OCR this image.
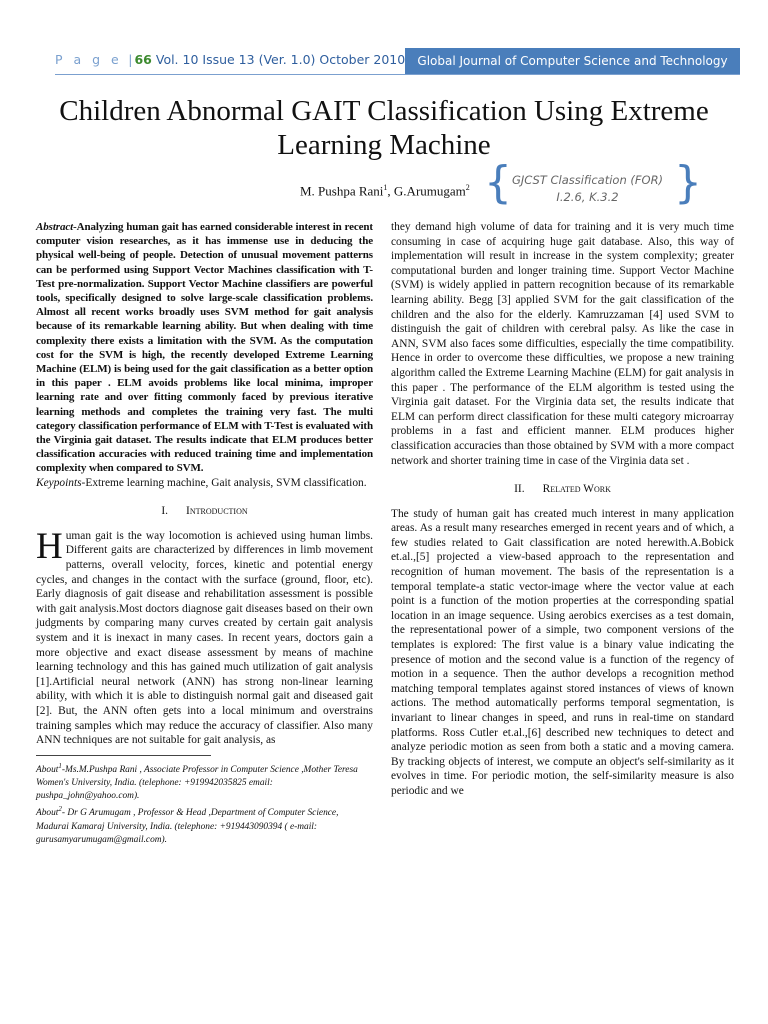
P a g e | 66 Vol. 10 Issue 13 (Ver. 1.0) October 2010	Global Journal of Computer Science and Technology
Children Abnormal GAIT Classification Using Extreme Learning Machine
M. Pushpa Rani$^1$, G.Arumugam$^2$ { GJCST Classification (FOR)
I.2.6, K.3.2	}

Abstract-Analyzing human gait has earned considerable interest in recent computer vision researches, as it has immense use in deducing the physical well-being of people. Detection of unusual movement patterns can be performed using Support Vector Machines classification with T-Test pre-normalization. Support Vector Machine classifiers are powerful tools, specifically designed to solve large-scale classification problems. Almost all recent works broadly uses SVM method for gait analysis because of its remarkable learning ability. But when dealing with time complexity there exists a limitation with the SVM. As the computation cost for the SVM is high, the recently developed Extreme Learning Machine (ELM) is being used for the gait classification as a better option in this paper . ELM avoids problems like local minima, improper learning rate and over fitting commonly faced by previous iterative learning methods and completes the training very fast. The multi category classification performance of ELM with T-Test is evaluated with the Virginia gait dataset. The results indicate that ELM produces better classification accuracies with reduced training time and implementation complexity when compared to SVM.

Keypoints-Extreme learning machine, Gait analysis, SVM classification.

I. Introduction

Human gait is the way locomotion is achieved using human limbs. Different gaits are characterized by differences in limb movement patterns, overall velocity, forces, kinetic and potential energy cycles, and changes in the contact with the surface (ground, floor, etc). Early diagnosis of gait disease and rehabilitation assessment is possible with gait analysis.Most doctors diagnose gait diseases based on their own judgments by comparing many curves created by certain gait analysis system and it is inexact in many cases. In recent years, doctors gain a more objective and exact disease assessment by means of machine learning technology and this has gained much utilization of gait analysis [1].Artificial neural network (ANN) has strong non-linear learning ability, with which it is able to distinguish normal gait and diseased gait [2]. But, the ANN often gets into a local minimum and overstrains training samples which may reduce the accuracy of classifier. Also many ANN techniques are not suitable for gait analysis, as

About$^1$-Ms.M.Pushpa Rani , Associate Professor in Computer Science ,Mother Teresa Women's University, India. (telephone: +919942035825 email: pushpa_john@yahoo.com).
About$^2$- Dr G Arumugam , Professor & Head ,Department of Computer Science, Madurai Kamaraj University, India. (telephone: +919443090394 ( e-mail: gurusamyarumugam@gmail.com).

they demand high volume of data for training and it is very much time consuming in case of acquiring huge gait database. Also, this way of implementation will result in increase in the system complexity; greater computational burden and longer training time. Support Vector Machine (SVM) is widely applied in pattern recognition because of its remarkable learning ability. Begg [3] applied SVM for the gait classification of the children and the also for the elderly. Kamruzzaman [4] used SVM to distinguish the gait of children with cerebral palsy. As like the case in ANN, SVM also faces some difficulties, especially the time compatibility. Hence in order to overcome these difficulties, we propose a new training algorithm called the Extreme Learning Machine (ELM) for gait analysis in this paper . The performance of the ELM algorithm is tested using the Virginia gait dataset. For the Virginia data set, the results indicate that ELM can perform direct classification for these multi category microarray problems in a fast and efficient manner. ELM produces higher classification accuracies than those obtained by SVM with a more compact network and shorter training time in case of the Virginia data set .

II. Related Work

The study of human gait has created much interest in many application areas. As a result many researches emerged in recent years and of which, a few studies related to Gait classification are noted herewith.A.Bobick et.al.,[5] projected a view-based approach to the representation and recognition of human movement. The basis of the representation is a temporal template-a static vector-image where the vector value at each point is a function of the motion properties at the corresponding spatial location in an image sequence. Using aerobics exercises as a test domain, the representational power of a simple, two component versions of the templates is explored: The first value is a binary value indicating the presence of motion and the second value is a function of the regency of motion in a sequence. Then the author develops a recognition method matching temporal templates against stored instances of views of known actions. The method automatically performs temporal segmentation, is invariant to linear changes in speed, and runs in real-time on standard platforms. Ross Cutler et.al.,[6] described new techniques to detect and analyze periodic motion as seen from both a static and a moving camera. By tracking objects of interest, we compute an object's self-similarity as it evolves in time. For periodic motion, the self-similarity measure is also periodic and we
